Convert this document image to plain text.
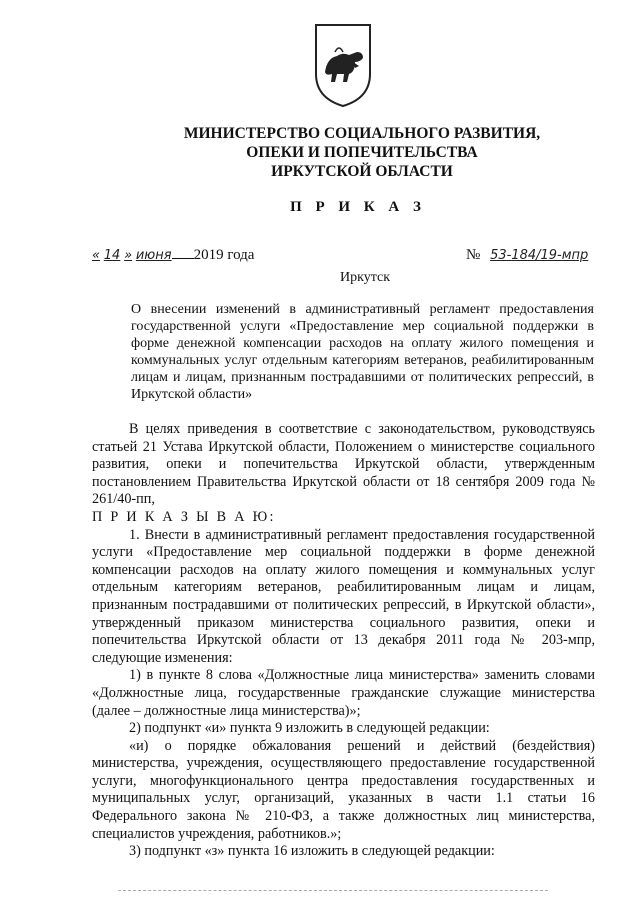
МИНИСТЕРСТВО СОЦИАЛЬНОГО РАЗВИТИЯ,
ОПЕКИ И ПОПЕЧИТЕЛЬСТВА
ИРКУТСКОЙ ОБЛАСТИ
П Р И К А З
« 14 » июня 2019 года	№ 53-184/19-мпр
Иркутск
О внесении изменений в административный регламент предоставления государственной услуги «Предоставление мер социальной поддержки в форме денежной компенсации расходов на оплату жилого помещения и коммунальных услуг отдельным категориям ветеранов, реабилитированным лицам и лицам, признанным пострадавшими от политических репрессий, в Иркутской области»

В целях приведения в соответствие с законодательством, руководствуясь статьей 21 Устава Иркутской области, Положением о министерстве социального развития, опеки и попечительства Иркутской области, утвержденным постановлением Правительства Иркутской области от 18 сентября 2009 года № 261/40-пп,

П Р И К А З Ы В А Ю:

1. Внести в административный регламент предоставления государственной услуги «Предоставление мер социальной поддержки в форме денежной компенсации расходов на оплату жилого помещения и коммунальных услуг отдельным категориям ветеранов, реабилитированным лицам и лицам, признанным пострадавшими от политических репрессий, в Иркутской области», утвержденный приказом министерства социального развития, опеки и попечительства Иркутской области от 13 декабря 2011 года № 203-мпр, следующие изменения:

1) в пункте 8 слова «Должностные лица министерства» заменить словами «Должностные лица, государственные гражданские служащие министерства (далее – должностные лица министерства)»;

2) подпункт «и» пункта 9 изложить в следующей редакции:

«и) о порядке обжалования решений и действий (бездействия) министерства, учреждения, осуществляющего предоставление государственной услуги, многофункционального центра предоставления государственных и муниципальных услуг, организаций, указанных в части 1.1 статьи 16 Федерального закона № 210-ФЗ, а также должностных лиц министерства, специалистов учреждения, работников.»;

3) подпункт «з» пункта 16 изложить в следующей редакции:
